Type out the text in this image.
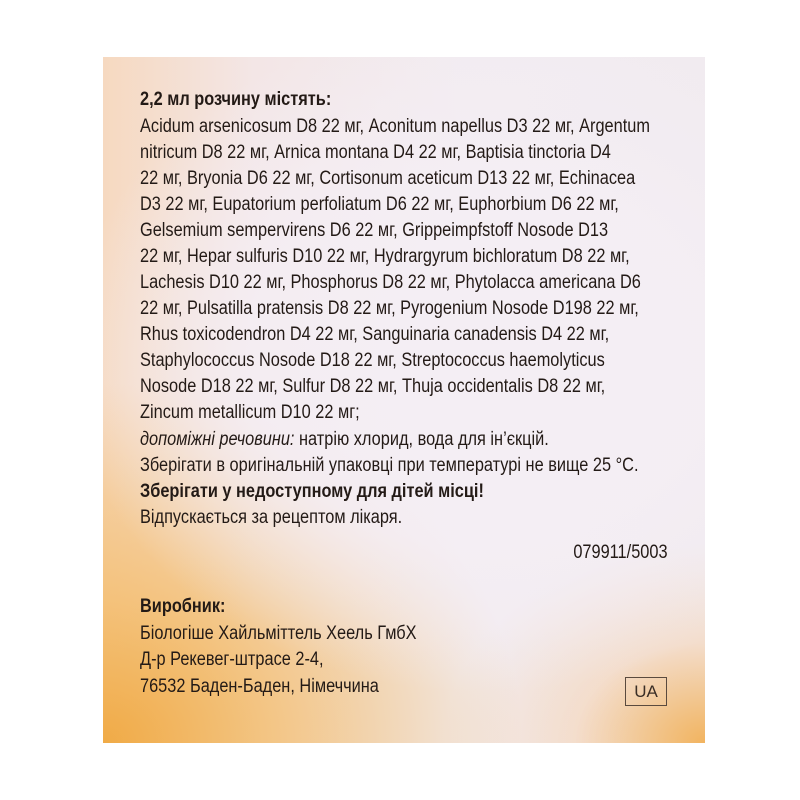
2,2 мл розчину містять:
Acidum arsenicosum D8 22 мг, Aconitum napellus D3 22 мг, Argentum
nitricum D8 22 мг, Arnica montana D4 22 мг, Baptisia tinctoria D4
22 мг, Bryonia D6 22 мг, Cortisonum aceticum D13 22 мг, Echinacea
D3 22 мг, Eupatorium perfoliatum D6 22 мг, Euphorbium D6 22 мг,
Gelsemium sempervirens D6 22 мг, Grippeimpfstoff Nosode D13
22 мг, Hepar sulfuris D10 22 мг, Hydrargyrum bichloratum D8 22 мг,
Lachesis D10 22 мг, Phosphorus D8 22 мг, Phytolacca americana D6
22 мг, Pulsatilla pratensis D8 22 мг, Pyrogenium Nosode D198 22 мг,
Rhus toxicodendron D4 22 мг, Sanguinaria canadensis D4 22 мг,
Staphylococcus Nosode D18 22 мг, Streptococcus haemolyticus
Nosode D18 22 мг, Sulfur D8 22 мг, Thuja occidentalis D8 22 мг,
Zincum metallicum D10 22 мг;
допоміжні речовини: натрію хлорид, вода для ін’єкцій.
Зберігати в оригінальній упаковці при температурі не вище 25 °C.
Зберігати у недоступному для дітей місці!
Відпускається за рецептом лікаря.
Виробник:
Біологіше Хайльміттель Хеель ГмбХ
Д-р Рекевег-штрасе 2-4,
76532 Баден-Баден, Німеччина
079911/5003
UA
